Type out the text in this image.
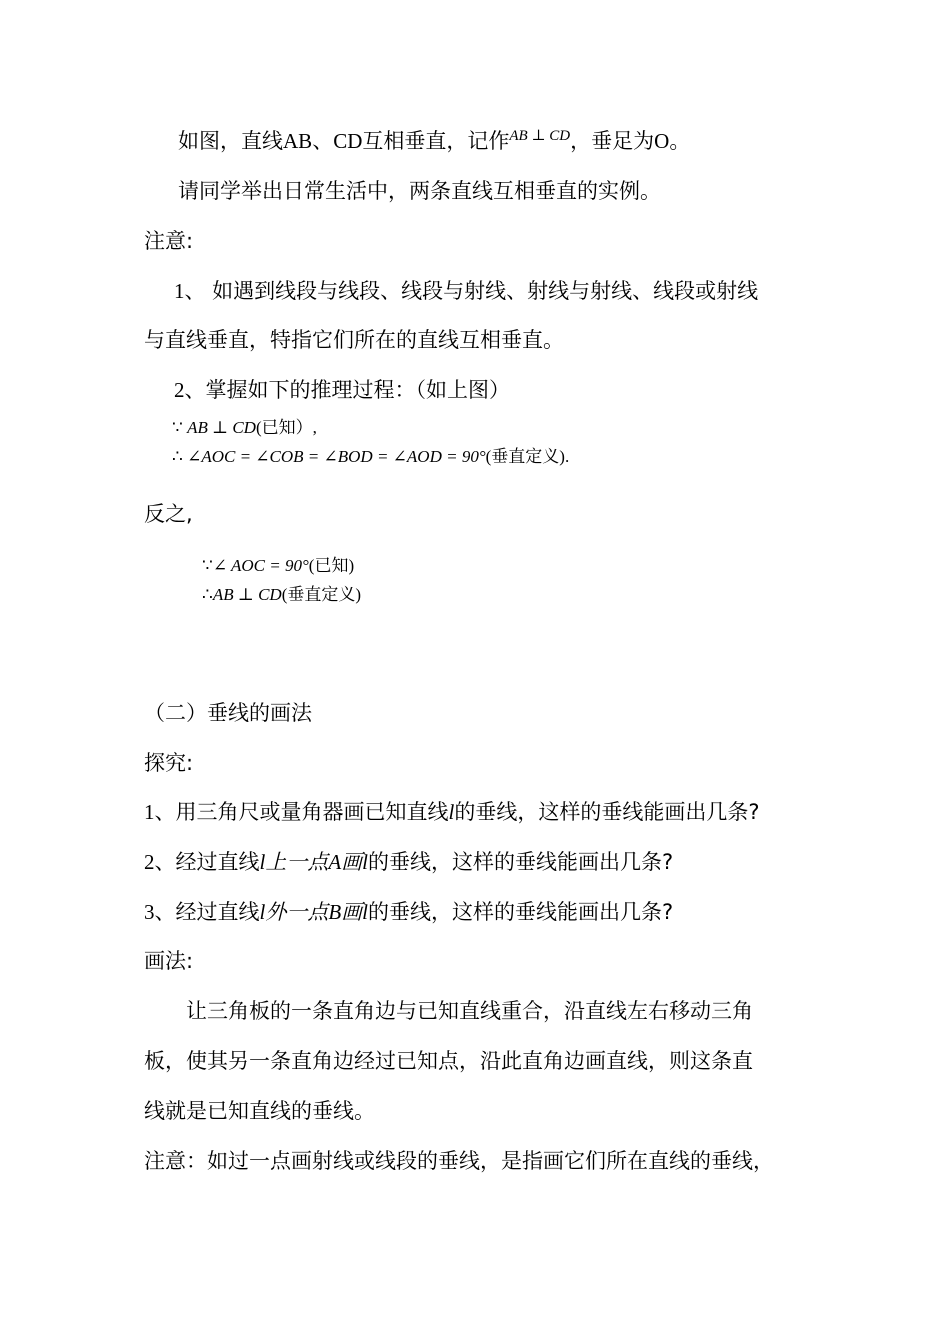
如图，直线AB、CD互相垂直，记作$^{AB \perp CD}$，垂足为O。
请同学举出日常生活中，两条直线互相垂直的实例。
注意:
1、 如遇到线段与线段、线段与射线、射线与射线、线段或射线
与直线垂直，特指它们所在的直线互相垂直。
2、掌握如下的推理过程：（如上图）
∵ AB ⊥ CD(已知）,
∴ ∠AOC = ∠COB = ∠BOD = ∠AOD = 90°(垂直定义).
反之,
∵∠ AOC = 90°(已知)
∴AB ⊥ CD(垂直定义)
（二）垂线的画法
探究:
1、用三角尺或量角器画已知直线l的垂线，这样的垂线能画出几条?
2、经过直线l上一点A画l的垂线，这样的垂线能画出几条?
3、经过直线l外一点B画l的垂线，这样的垂线能画出几条?
画法:
让三角板的一条直角边与已知直线重合，沿直线左右移动三角
板，使其另一条直角边经过已知点，沿此直角边画直线，则这条直
线就是已知直线的垂线。
注意：如过一点画射线或线段的垂线，是指画它们所在直线的垂线，
